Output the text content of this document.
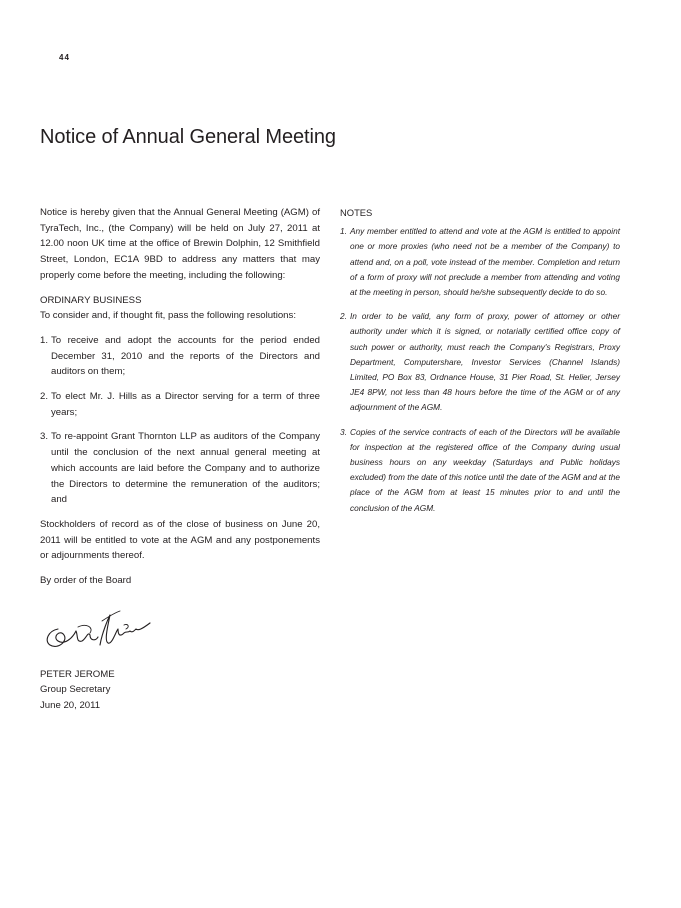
44
Notice of Annual General Meeting

Notice is hereby given that the Annual General Meeting (AGM) of TyraTech, Inc., (the Company) will be held on July 27, 2011 at 12.00 noon UK time at the office of Brewin Dolphin, 12 Smithfield Street, London, EC1A 9BD to address any matters that may properly come before the meeting, including the following:

ORDINARY BUSINESS

To consider and, if thought fit, pass the following resolutions:

1. To receive and adopt the accounts for the period ended December 31, 2010 and the reports of the Directors and auditors on them;
2. To elect Mr. J. Hills as a Director serving for a term of three years;
3. To re-appoint Grant Thornton LLP as auditors of the Company until the conclusion of the next annual general meeting at which accounts are laid before the Company and to authorize the Directors to determine the remuneration of the auditors; and

Stockholders of record as of the close of business on June 20, 2011 will be entitled to vote at the AGM and any postponements or adjournments thereof.

By order of the Board

PETER JEROME
Group Secretary
June 20, 2011
NOTES
1. Any member entitled to attend and vote at the AGM is entitled to appoint one or more proxies (who need not be a member of the Company) to attend and, on a poll, vote instead of the member. Completion and return of a form of proxy will not preclude a member from attending and voting at the meeting in person, should he/she subsequently decide to do so.
2. In order to be valid, any form of proxy, power of attorney or other authority under which it is signed, or notarially certified office copy of such power or authority, must reach the Company's Registrars, Proxy Department, Computershare, Investor Services (Channel Islands) Limited, PO Box 83, Ordnance House, 31 Pier Road, St. Helier, Jersey JE4 8PW, not less than 48 hours before the time of the AGM or of any adjournment of the AGM.
3. Copies of the service contracts of each of the Directors will be available for inspection at the registered office of the Company during usual business hours on any weekday (Saturdays and Public holidays excluded) from the date of this notice until the date of the AGM and at the place of the AGM from at least 15 minutes prior to and until the conclusion of the AGM.
